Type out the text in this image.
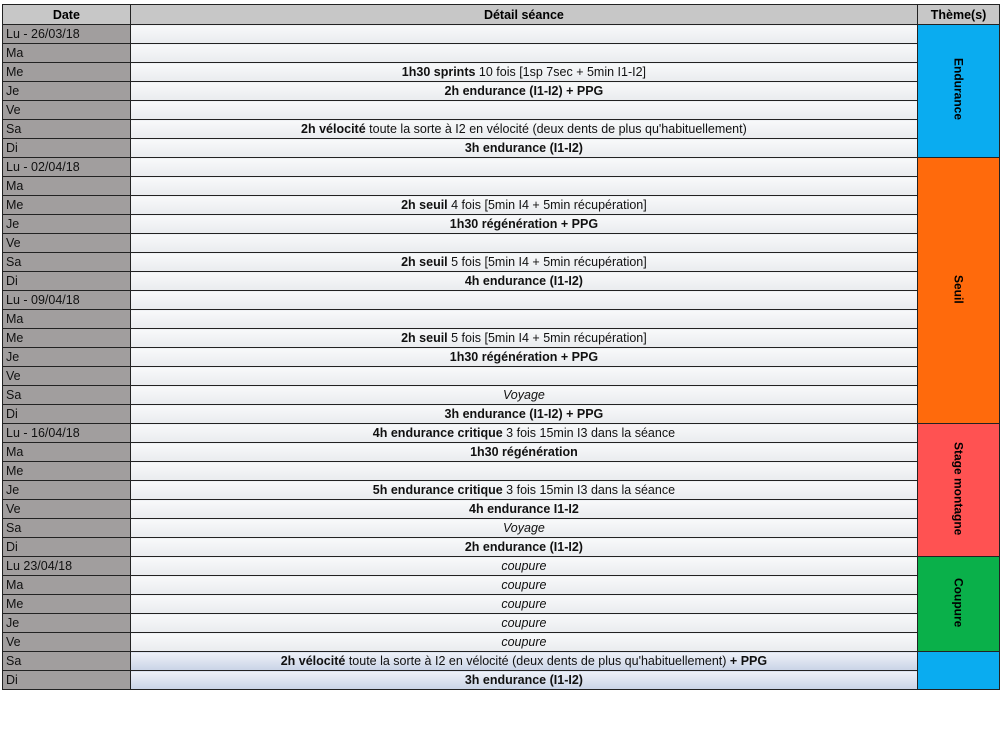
Date	Détail séance	Thème(s)
Lu - 26/03/18		Endurance
Ma		
Me	1h30 sprints 10 fois [1sp 7sec + 5min I1-I2]	
Je	2h endurance (I1-I2) + PPG	
Ve		
Sa	2h vélocité toute la sorte à I2 en vélocité (deux dents de plus qu'habituellement)	
Di	3h endurance (I1-I2)	
Lu - 02/04/18		Seuil
Ma		
Me	2h seuil 4 fois [5min I4 + 5min récupération]	
Je	1h30 régénération + PPG	
Ve		
Sa	2h seuil 5 fois [5min I4 + 5min récupération]	
Di	4h endurance (I1-I2)	
Lu - 09/04/18		
Ma		
Me	2h seuil 5 fois [5min I4 + 5min récupération]	
Je	1h30 régénération + PPG	
Ve		
Sa	Voyage	
Di	3h endurance (I1-I2) + PPG	
Lu - 16/04/18	4h endurance critique 3 fois 15min I3 dans la séance	Stage montagne
Ma	1h30 régénération	
Me		
Je	5h endurance critique 3 fois 15min I3 dans la séance	
Ve	4h endurance I1-I2	
Sa	Voyage	
Di	2h endurance (I1-I2)	
Lu 23/04/18	coupure	Coupure
Ma	coupure	
Me	coupure	
Je	coupure	
Ve	coupure	
Sa	2h vélocité toute la sorte à I2 en vélocité (deux dents de plus qu'habituellement) + PPG	
Di	3h endurance (I1-I2)	
